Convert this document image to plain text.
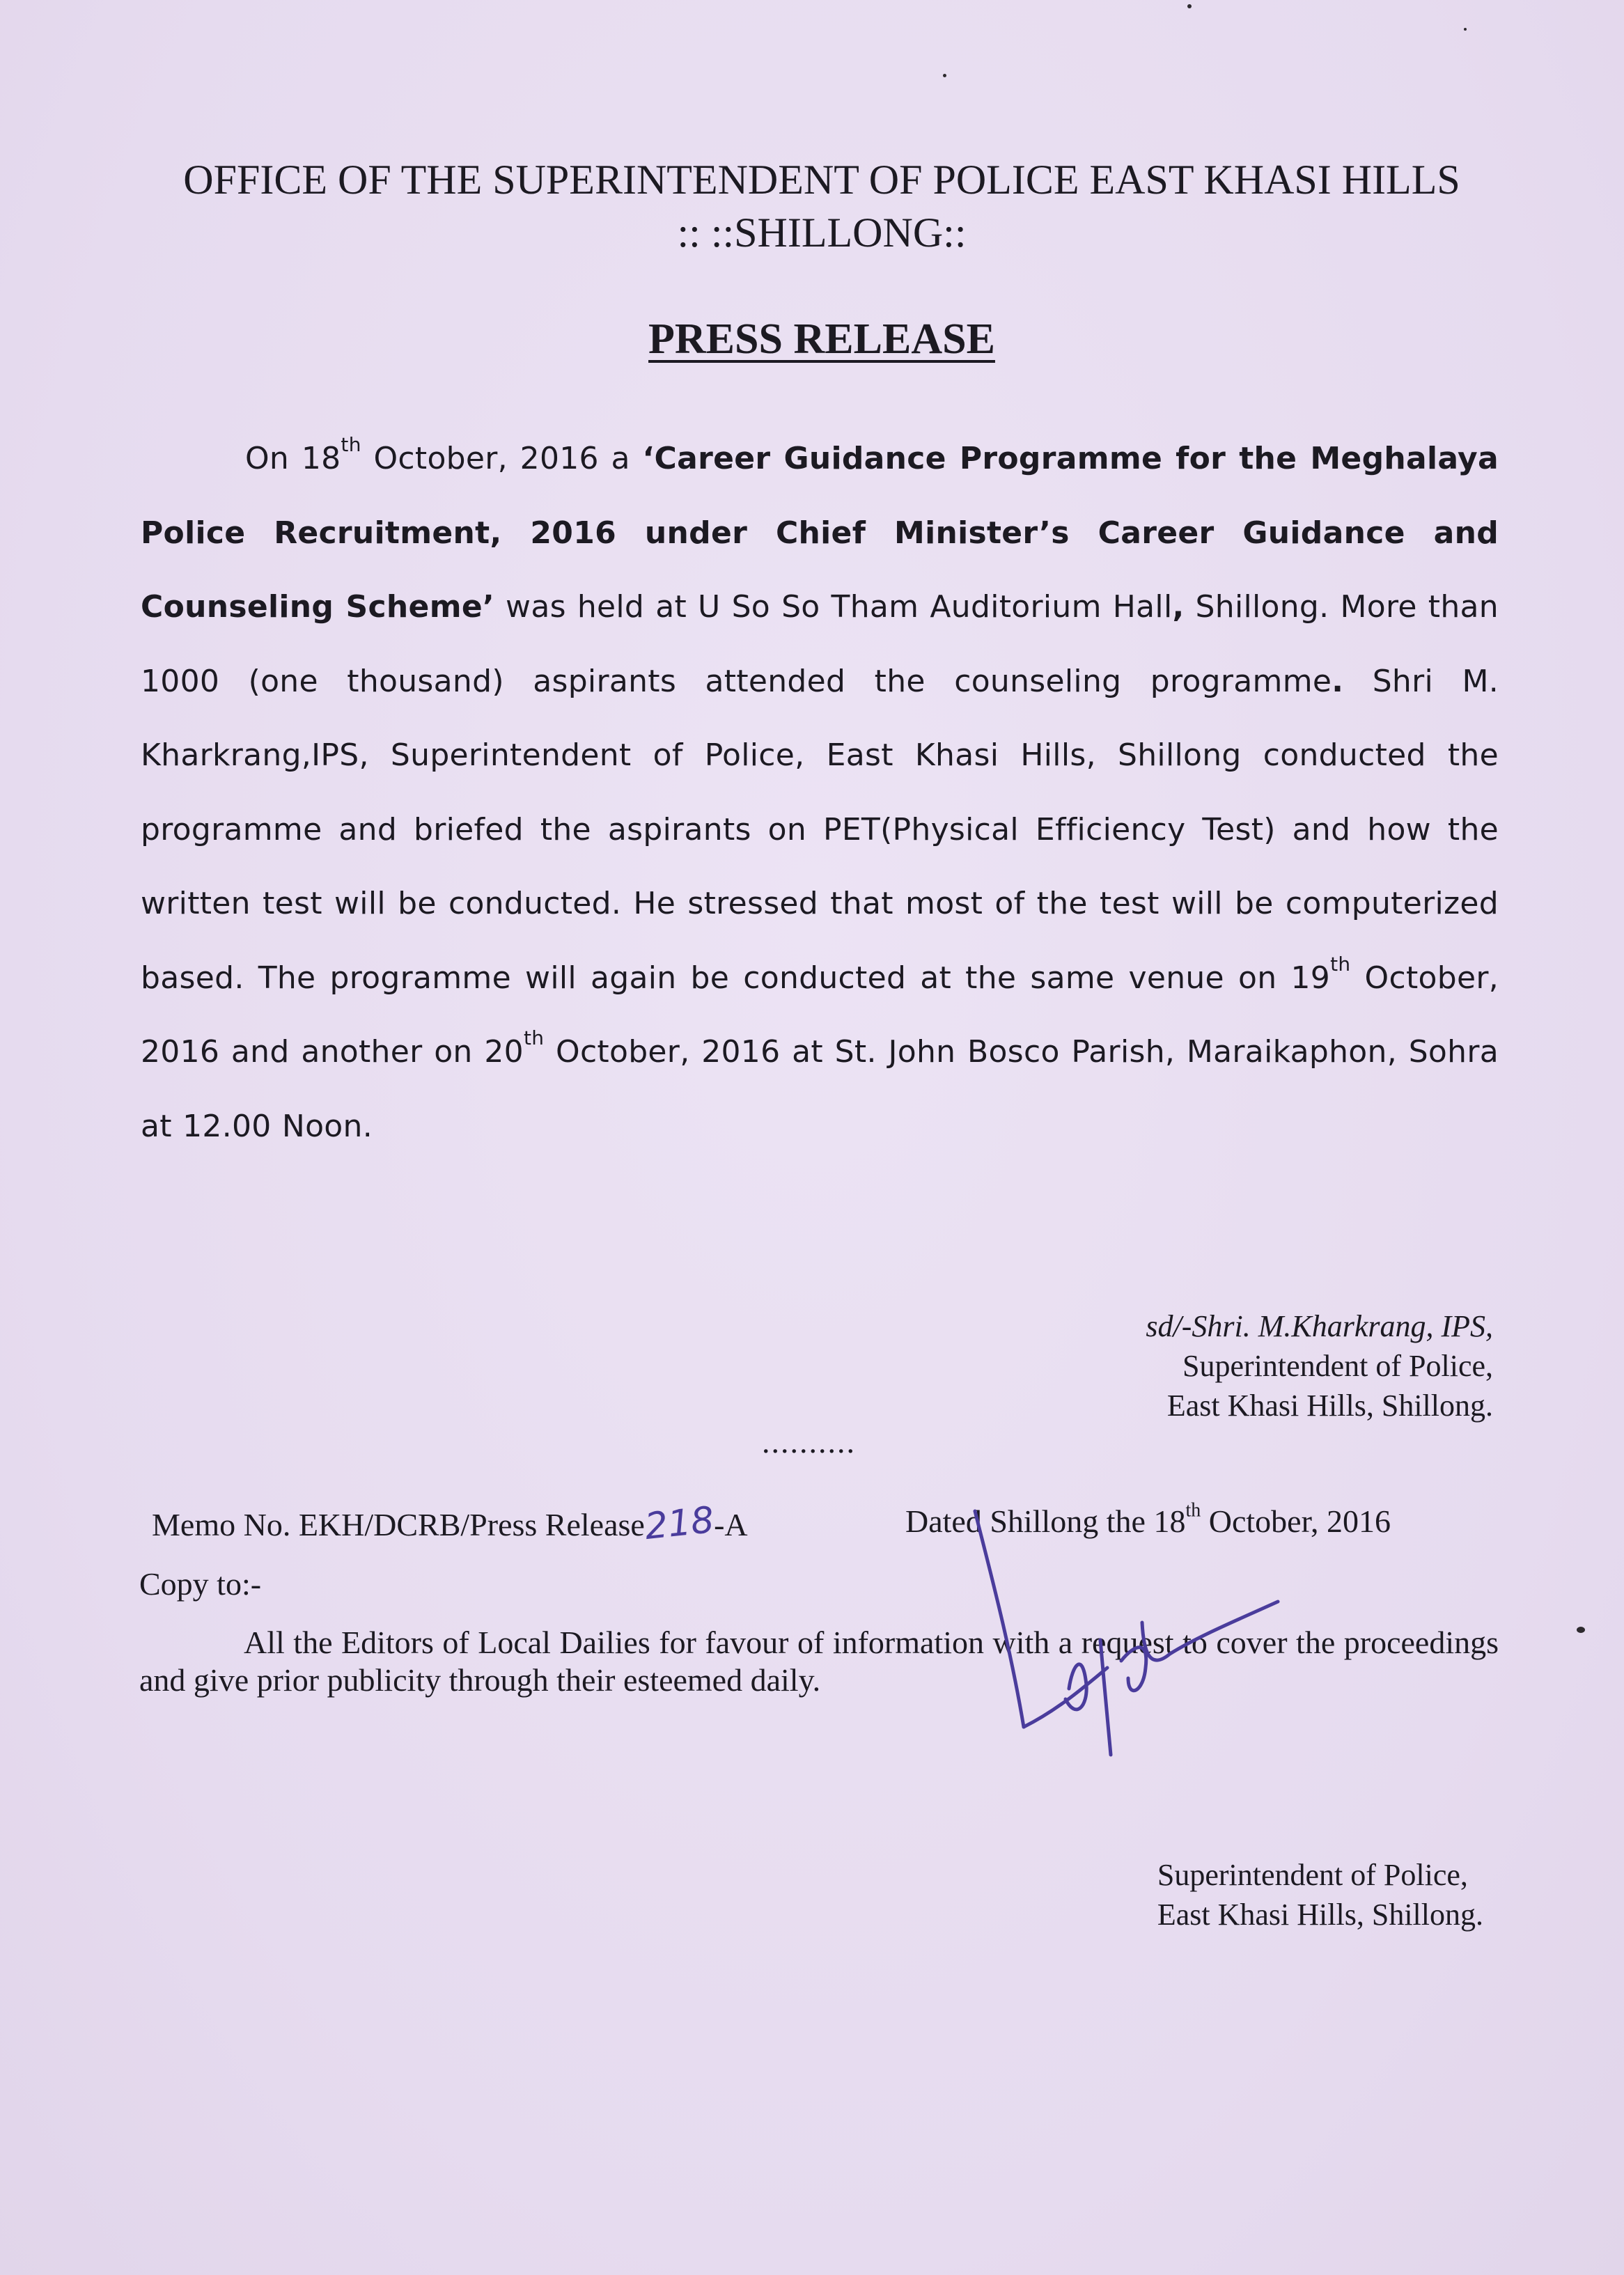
OFFICE OF THE SUPERINTENDENT OF POLICE EAST KHASI HILLS
:: ::SHILLONG::
PRESS RELEASE

On 18th October, 2016 a ‘Career Guidance Programme for the Meghalaya Police Recruitment, 2016 under Chief Minister’s Career Guidance and Counseling Scheme’ was held at U So So Tham Auditorium Hall, Shillong. More than 1000 (one thousand) aspirants attended the counseling programme. Shri M. Kharkrang,IPS, Superintendent of Police, East Khasi Hills, Shillong conducted the programme and briefed the aspirants on PET(Physical Efficiency Test) and how the written test will be conducted. He stressed that most of the test will be computerized based. The programme will again be conducted at the same venue on 19th October, 2016 and another on 20th October, 2016 at St. John Bosco Parish, Maraikaphon, Sohra at 12.00 Noon.

sd/-Shri. M.Kharkrang, IPS,
Superintendent of Police,
East Khasi Hills, Shillong.
..........
Memo No. EKH/DCRB/Press Release218-A	Dated Shillong the 18th October, 2016
Copy to:-

All the Editors of Local Dailies for favour of information with a request to cover the proceedings and give prior publicity through their esteemed daily.

Superintendent of Police,
East Khasi Hills, Shillong.
